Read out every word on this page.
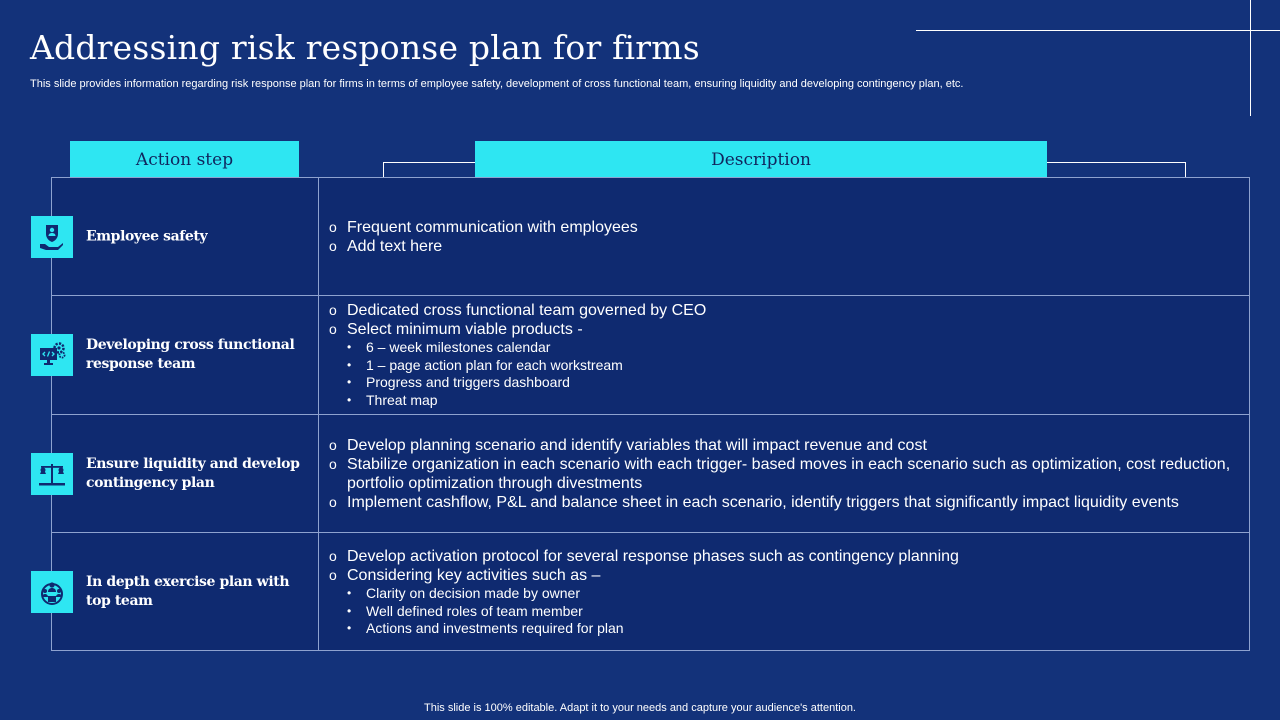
Addressing risk response plan for firms
This slide provides information regarding risk response plan for firms in terms of employee safety, development of cross functional team, ensuring liquidity and developing contingency plan, etc.
Action step	Description
Employee safety
o Frequent communication with employees
o Add text here
Developing cross functional response team
o Dedicated cross functional team governed by CEO
o Select minimum viable products -
• 6 – week milestones calendar
• 1 – page action plan for each workstream
• Progress and triggers dashboard
• Threat map
Ensure liquidity and develop contingency plan
o Develop planning scenario and identify variables that will impact revenue and cost
o Stabilize organization in each scenario with each trigger- based moves in each scenario such as optimization, cost reduction, portfolio optimization through divestments
o Implement cashflow, P&L and balance sheet in each scenario, identify triggers that significantly impact liquidity events
In depth exercise plan with top team
o Develop activation protocol for several response phases such as contingency planning
o Considering key activities such as –
• Clarity on decision made by owner
• Well defined roles of team member
• Actions and investments required for plan
This slide is 100% editable. Adapt it to your needs and capture your audience's attention.
